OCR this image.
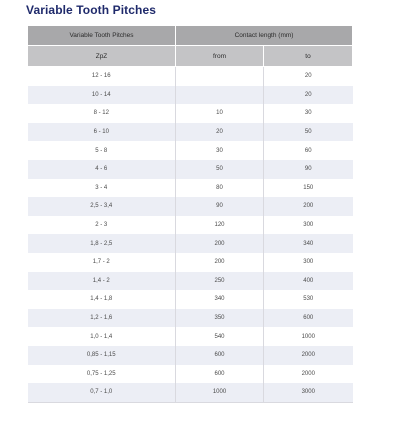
Variable Tooth Pitches
Variable Tooth Pitches	Contact length (mm)	
ZpZ	from	to
12 - 16		20
10 - 14		20
8 - 12	10	30
6 - 10	20	50
5 - 8	30	60
4 - 6	50	90
3 - 4	80	150
2,5 - 3,4	90	200
2 - 3	120	300
1,8 - 2,5	200	340
1,7 - 2	200	300
1,4 - 2	250	400
1,4 - 1,8	340	530
1,2 - 1,6	350	600
1,0 - 1,4	540	1000
0,85 - 1,15	600	2000
0,75 - 1,25	600	2000
0,7 - 1,0	1000	3000
